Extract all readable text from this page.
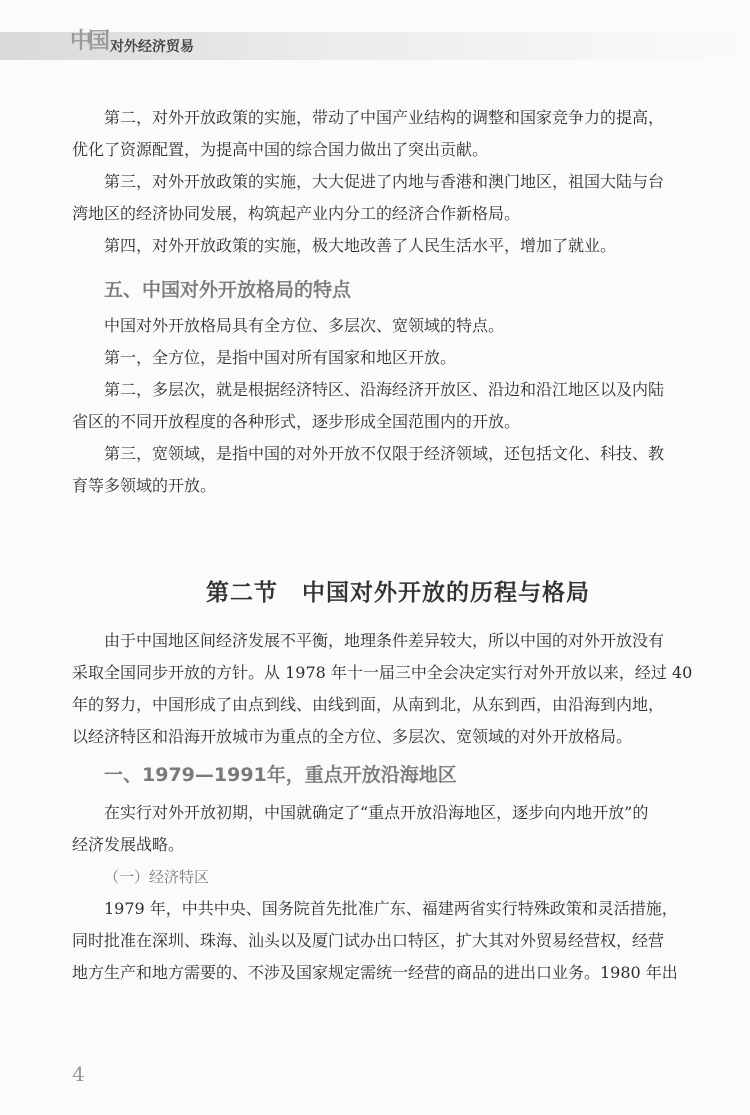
中国 对外经济贸易

第二，对外开放政策的实施，带动了中国产业结构的调整和国家竞争力的提高，

优化了资源配置，为提高中国的综合国力做出了突出贡献。

第三，对外开放政策的实施，大大促进了内地与香港和澳门地区，祖国大陆与台

湾地区的经济协同发展，构筑起产业内分工的经济合作新格局。

第四，对外开放政策的实施，极大地改善了人民生活水平，增加了就业。

五、中国对外开放格局的特点

中国对外开放格局具有全方位、多层次、宽领域的特点。

第一，全方位，是指中国对所有国家和地区开放。

第二，多层次，就是根据经济特区、沿海经济开放区、沿边和沿江地区以及内陆

省区的不同开放程度的各种形式，逐步形成全国范围内的开放。

第三，宽领域，是指中国的对外开放不仅限于经济领域，还包括文化、科技、教

育等多领域的开放。

第二节　中国对外开放的历程与格局

由于中国地区间经济发展不平衡，地理条件差异较大，所以中国的对外开放没有

采取全国同步开放的方针。从 1978 年十一届三中全会决定实行对外开放以来，经过 40

年的努力，中国形成了由点到线、由线到面，从南到北，从东到西，由沿海到内地，

以经济特区和沿海开放城市为重点的全方位、多层次、宽领域的对外开放格局。

一、1979—1991年，重点开放沿海地区

在实行对外开放初期，中国就确定了“重点开放沿海地区，逐步向内地开放”的

经济发展战略。

（一）经济特区

1979 年，中共中央、国务院首先批准广东、福建两省实行特殊政策和灵活措施，

同时批准在深圳、珠海、汕头以及厦门试办出口特区，扩大其对外贸易经营权，经营

地方生产和地方需要的、不涉及国家规定需统一经营的商品的进出口业务。1980 年出

4
